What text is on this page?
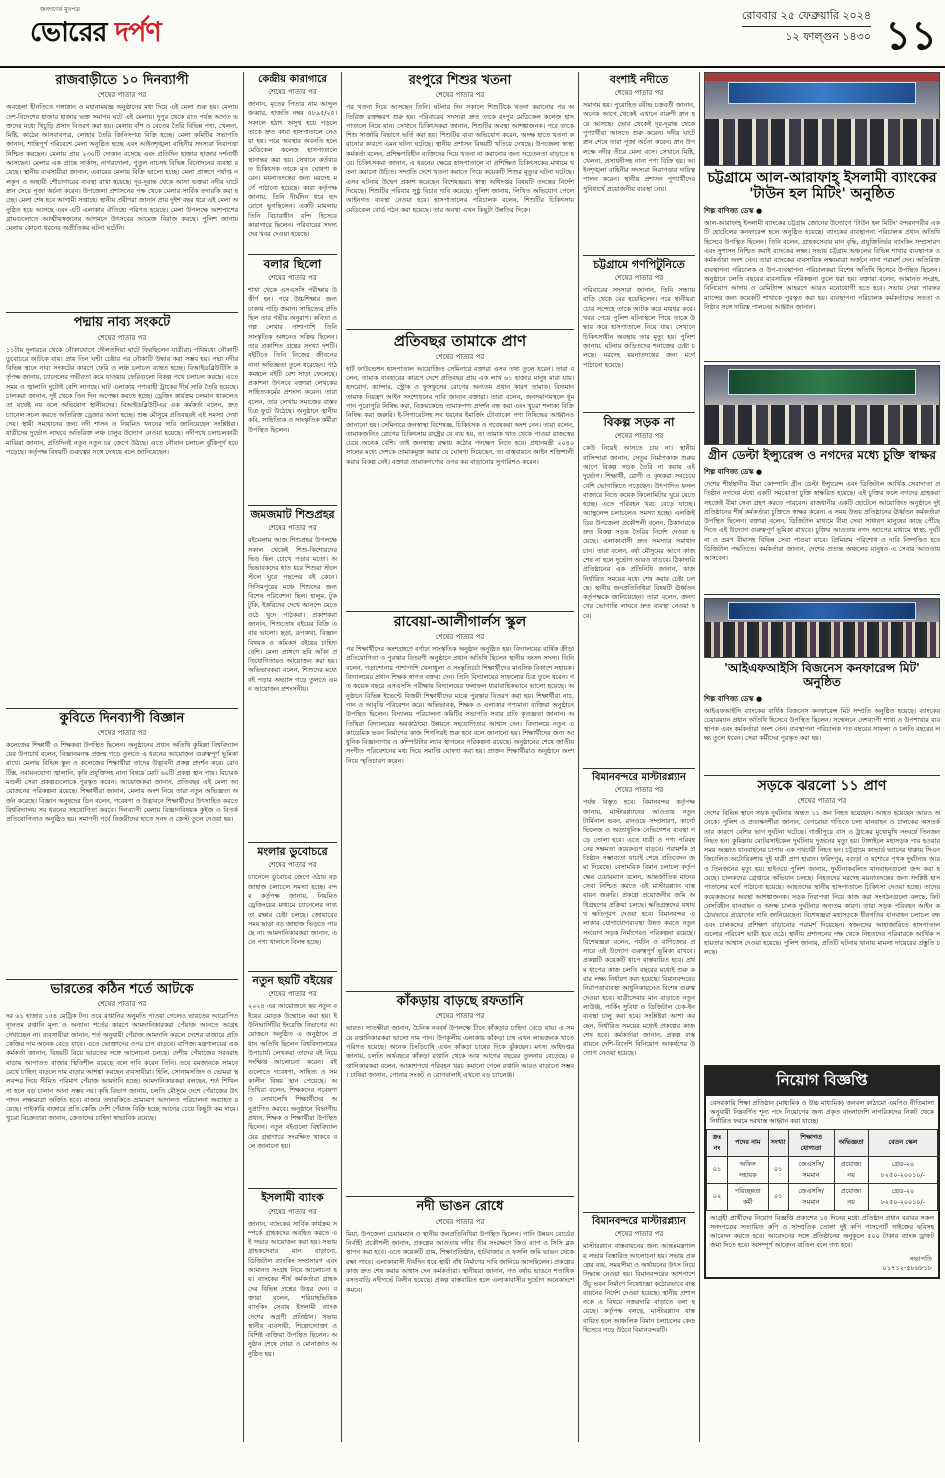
জনগণের মুখপত্র
ভোরের দর্পণ
রোববার ২৫ ফেব্রুয়ারি ২০২৪
১২ ফাল্গুন ১৪৩০ ১১
রাজবাড়ীতে ১০ দিনব্যাপী
শেষের পাতার পর
অবহেলা হীনতিতে গঙ্গাস্নান ও মহানামযজ্ঞ অনুষ্ঠানের মধ্য দিয়ে এই মেলা শুরু হয়। মেলায় দেশ-বিদেশের হাজার হাজার ভক্ত সমাগম ঘটে এই মেলায়। দুপুর থেকে রাত পর্যন্ত আগত ভক্তদের মধ্যে খিচুড়ি প্রসাদ বিতরণ করা হয়। মেলায় বাঁশ ও বেতের তৈরি বিভিন্ন পণ্য, খেলনা, মিষ্টি, কাঠের আসবাবপত্র, লোহার তৈরি জিনিসপত্র বিক্রি হচ্ছে। মেলা কমিটির সভাপতি জানান, শান্তিপূর্ণ পরিবেশে মেলা অনুষ্ঠিত হচ্ছে এবং আইনশৃঙ্খলা বাহিনীর সদস্যরা নিরাপত্তা নিশ্চিত করছেন। মেলায় প্রায় ২৩০টি দোকান বসেছে এবং প্রতিদিন হাজার হাজার দর্শনার্থী আসছেন। মেলার এক প্রান্তে সার্কাস, নাগরদোলা, পুতুল নাচসহ বিভিন্ন বিনোদনের ব্যবস্থা রয়েছে। স্থানীয় ব্যবসায়ীরা জানান, এবারের মেলায় বিক্রি ভালো হচ্ছে। মেলা প্রাঙ্গণে পর্যাপ্ত নলকূপ ও অস্থায়ী শৌচাগারের ব্যবস্থা রাখা হয়েছে। দূর-দূরান্ত থেকে আসা ভক্তরা নদীর ঘাটে স্নান সেরে পূজা অর্চনা করেন। উপজেলা প্রশাসনের পক্ষ থেকে মেলার সার্বিক তদারকি করা হচ্ছে। মেলা শেষ হবে আগামী সপ্তাহে। স্থানীয় প্রবীণরা জানান প্রায় দুইশ বছর ধরে এই মেলা অনুষ্ঠিত হয়ে আসছে এবং এটি এলাকার ঐতিহ্যে পরিণত হয়েছে। মেলা উপলক্ষে আশপাশের গ্রামগুলোতে আত্মীয়স্বজনের আগমনে উৎসবের আমেজ বিরাজ করছে। পুলিশ জানায় মেলায় কোনো ধরনের অপ্রীতিকর ঘটনা ঘটেনি।
পদ্মায় নাব্য সংকটে
শেষের পাতার পর
১১টায় দুলারচর থেকে নৌকাযোগে দৌলতদিয়া ঘাটে ফিরছিলেন যাত্রীরা। পথিমধ্যে নৌকাটি ডুবোচরে আটকে যায়। প্রায় তিন ঘণ্টা চেষ্টার পর নৌকাটি উদ্ধার করা সম্ভব হয়। পদ্মা নদীর বিভিন্ন স্থানে নাব্য সংকটের কারণে ফেরি ও লঞ্চ চলাচল ব্যাহত হচ্ছে। বিআইডব্লিউটিসি কর্তৃপক্ষ জানায়, চ্যানেলের গভীরতা কমে যাওয়ায় ফেরিগুলো বিকল্প পথে চলাচল করছে। এতে সময় ও জ্বালানি দুটোই বেশি লাগছে। ঘাট এলাকায় পণ্যবাহী ট্রাকের দীর্ঘ সারি তৈরি হয়েছে। চালকরা জানান, দুই থেকে তিন দিন অপেক্ষা করতে হচ্ছে। ড্রেজিং কার্যক্রম চলমান থাকলেও তা যথেষ্ট নয় বলে অভিযোগ স্থানীয়দের। বিআইডব্লিউটিএর এক কর্মকর্তা বলেন, দ্রুত চ্যানেল সচল করতে অতিরিক্ত ড্রেজার আনা হচ্ছে। শুষ্ক মৌসুমে প্রতিবছরই এই সমস্যা দেখা দেয়। স্থায়ী সমাধানের জন্য নদী শাসন ও নিয়মিত খননের দাবি জানিয়েছেন সংশ্লিষ্টরা। যাত্রীদের দুর্ভোগ লাঘবে অতিরিক্ত লঞ্চ চালুর উদ্যোগ নেওয়া হয়েছে। নদীপথে চলাচলকারী মাঝিরা জানান, প্রতিদিনই নতুন নতুন চর জেগে উঠছে। এতে নৌযান চলাচল ঝুঁকিপূর্ণ হয়ে পড়েছে। কর্তৃপক্ষ বিষয়টি গুরুত্বের সঙ্গে দেখছে বলে জানিয়েছেন।
কুবিতে দিনব্যাপী বিজ্ঞান
শেষের পাতার পর
কলেজের শিক্ষার্থী ও শিক্ষকরা উপস্থিত ছিলেন। অনুষ্ঠানের প্রধান অতিথি কুমিল্লা বিশ্ববিদ্যালয়ের উপাচার্য বলেন, বিজ্ঞানমনস্ক প্রজন্ম গড়ে তুলতে এ ধরনের আয়োজন গুরুত্বপূর্ণ ভূমিকা রাখে। মেলায় বিভিন্ন স্কুল ও কলেজের শিক্ষার্থীরা তাদের উদ্ভাবনী প্রকল্প প্রদর্শন করে। রোবটিক্স, নবায়নযোগ্য জ্বালানি, কৃষি প্রযুক্তিসহ নানা বিষয়ে মোট ৬০টি প্রকল্প স্থান পায়। বিচারকমণ্ডলী সেরা প্রকল্পগুলোকে পুরস্কৃত করেন। আয়োজকরা জানান, প্রতিবছর এই মেলা আয়োজনের পরিকল্পনা রয়েছে। শিক্ষার্থীরা জানান, মেলায় অংশ নিয়ে তারা নতুন অভিজ্ঞতা অর্জন করেছে। বিজ্ঞান অনুষদের ডিন বলেন, গবেষণা ও উদ্ভাবনে শিক্ষার্থীদের উৎসাহিত করতে বিশ্ববিদ্যালয় সব ধরনের সহযোগিতা করবে। দিনব্যাপী মেলায় বিজ্ঞানবিষয়ক কুইজ ও বিতর্ক প্রতিযোগিতাও অনুষ্ঠিত হয়। সমাপনী পর্বে বিজয়ীদের হাতে সনদ ও ক্রেস্ট তুলে দেওয়া হয়।
ভারতের কঠিন শর্তে আটকে
শেষের পাতার পর
দর ৬১ হাজার ১৫৪ মেট্রিক টন। তবে রপ্তানির অনুমতি পাওয়া গেলেও ভারতের আরোপিত ন্যূনতম রপ্তানি মূল্য ও অন্যান্য শর্তের কারণে আমদানিকারকরা পেঁয়াজ আনতে আগ্রহ দেখাচ্ছেন না। ব্যবসায়ীরা জানান, শর্ত অনুযায়ী পেঁয়াজ আমদানি করলে দেশের বাজারে প্রতি কেজির দাম অনেক বেড়ে যাবে। এতে ভোক্তাদের ওপর চাপ বাড়বে। বাণিজ্য মন্ত্রণালয়ের এক কর্মকর্তা জানান, বিষয়টি নিয়ে ভারতের সঙ্গে আলোচনা চলছে। দেশীয় পেঁয়াজের সরবরাহ বাড়ায় আপাতত বাজার স্থিতিশীল রয়েছে বলে দাবি করেন তিনি। তবে রমজানকে সামনে রেখে চাহিদা বাড়লে দাম বাড়ার আশঙ্কা করছেন ব্যবসায়ীরা। হিলি, সোনামসজিদ ও ভোমরা স্থলবন্দর দিয়ে সীমিত পরিমাণ পেঁয়াজ আমদানি হচ্ছে। আমদানিকারকরা বলছেন, শর্ত শিথিল না হলে বড় চালান আনা সম্ভব নয়। কৃষি বিভাগ জানায়, চলতি মৌসুমে দেশে পেঁয়াজের উৎপাদন লক্ষ্যমাত্রা অর্জিত হবে। বাজার তদারকিতে ভ্রাম্যমাণ আদালত পরিচালনা অব্যাহত রয়েছে। পাইকারি বাজারে প্রতি কেজি দেশি পেঁয়াজ বিক্রি হচ্ছে আগের চেয়ে কিছুটা কম দামে। খুচরা বিক্রেতারা জানান, ক্রেতাদের চাহিদা স্বাভাবিক রয়েছে।
কেন্দ্রীয় কারাগারে
শেষের পাতার পর
জানান, মৃতের পিতার নাম আব্দুল জব্বার, হাজতি নম্বর ৫৮৯৫/২৫। সকালে হঠাৎ অসুস্থ হয়ে পড়লে তাকে দ্রুত কারা হাসপাতালে নেওয়া হয়। পরে অবস্থার অবনতি হলে মেডিকেল কলেজ হাসপাতালে স্থানান্তর করা হয়। সেখানে কর্তব্যরত চিকিৎসক তাকে মৃত ঘোষণা করেন। ময়নাতদন্তের জন্য মরদেহ মর্গে পাঠানো হয়েছে। কারা কর্তৃপক্ষ জানায়, তিনি দীর্ঘদিন ধরে হৃদরোগে ভুগছিলেন। একটি মামলায় তিনি বিচারাধীন বন্দি হিসেবে কারাগারে ছিলেন। পরিবারের সদস্যদের খবর দেওয়া হয়েছে।
বলার ছিলো
শেষের পাতার পর
শাখা থেকে এসএসসি পরীক্ষায় উত্তীর্ণ হন। পরে উচ্চশিক্ষার জন্য ঢাকায় পাড়ি জমান। সাহিত্যের প্রতি ছিল তার গভীর অনুরাগ। কবিতা ও গল্প লেখার পাশাপাশি তিনি সাংস্কৃতিক অঙ্গনেও সক্রিয় ছিলেন। তার প্রকাশিত গ্রন্থের সংখ্যা দশটি। বইটিতে তিনি নিজের জীবনের নানা অভিজ্ঞতা তুলে ধরেছেন। পাঠকমহলে বইটি বেশ সাড়া ফেলেছে। প্রকাশনা উৎসবে বক্তারা লেখকের সাহিত্যকর্মের প্রশংসা করেন। তারা বলেন, তার লেখায় সমাজের বাস্তব চিত্র ফুটে উঠেছে। অনুষ্ঠানে স্থানীয় কবি, সাহিত্যিক ও সাংস্কৃতিক কর্মীরা উপস্থিত ছিলেন।
জমজমাট শিশুপ্রহর
শেষের পাতার পর
বইমেলায় আজ শিশুপ্রহর উপলক্ষে সকাল থেকেই শিশু-কিশোরদের ভিড় ছিল চোখে পড়ার মতো। অভিভাবকদের হাত ধরে শিশুরা স্টলে স্টলে ঘুরে পছন্দের বই কেনে। সিসিমপুরের মঞ্চে শিশুদের জন্য বিশেষ পরিবেশনা ছিল। হালুম, টুকটুকি, ইকরিদের দেখে আনন্দে মেতে ওঠে খুদে পাঠকরা। প্রকাশকরা জানান, শিশুতোষ বইয়ের বিক্রি এবার ভালো। ছড়া, রূপকথা, বিজ্ঞানবিষয়ক ও কমিকস বইয়ের চাহিদা বেশি। মেলা প্রাঙ্গণে ছবি আঁকা প্রতিযোগিতারও আয়োজন করা হয়। অভিভাবকরা বলেন, শিশুদের মধ্যে বই পড়ার অভ্যাস গড়ে তুলতে এমন আয়োজন প্রশংসনীয়।
মংলার ডুবোচরে
শেষের পাতার পর
চ্যানেলে ডুবোচর জেগে ওঠায় বড় জাহাজ চলাচলে সমস্যা হচ্ছে। বন্দর কর্তৃপক্ষ জানায়, নিয়মিত ড্রেজিংয়ের মাধ্যমে চ্যানেলের নাব্যতা রক্ষার চেষ্টা চলছে। জোয়ারের সময় ছাড়া বড় জাহাজ ভিড়তে পারছে না। আমদানিকারকরা জানান, এতে পণ্য খালাসে বিলম্ব হচ্ছে।
নতুন ছয়টি বইয়ের
শেষের পাতার পর
২০২৪ এর আয়োজনে ছয় নতুন বইয়ের মোড়ক উন্মোচন করা হয়। ইউনিভার্সিটির ইংরেজি বিভাগের আয়োজনে অনুষ্ঠিত এ অনুষ্ঠানে প্রধান অতিথি ছিলেন বিশ্ববিদ্যালয়ের উপাচার্য। লেখকরা তাদের বই নিয়ে সংক্ষিপ্ত আলোচনা করেন। বইগুলোতে গবেষণা, সাহিত্য ও সমকালীন বিষয় স্থান পেয়েছে। অতিথিরা বলেন, শিক্ষকদের গবেষণা ও লেখালেখি শিক্ষার্থীদের অনুপ্রাণিত করবে। অনুষ্ঠানে বিভাগীয় প্রধান, শিক্ষক ও শিক্ষার্থীরা উপস্থিত ছিলেন। নতুন বইগুলো বিশ্ববিদ্যালয়ের গ্রন্থাগারে সংরক্ষিত থাকবে বলে জানানো হয়।
ইসলামী ব্যাংক
শেষের পাতার পর
জানান, ব্যাংকের সার্বিক কার্যক্রম সম্পর্কে গ্রাহকদের অবহিত করতে এই সভার আয়োজন করা হয়। সভায় গ্রাহকসেবার মান বাড়ানো, ডিজিটাল ব্যাংকিং সম্প্রসারণ এবং আমানত সংগ্রহ নিয়ে আলোচনা হয়। ব্যাংকের শীর্ষ কর্মকর্তারা গ্রাহকদের বিভিন্ন প্রশ্নের উত্তর দেন। বক্তারা বলেন, শরিয়াহভিত্তিক ব্যাংকিং সেবায় ইসলামী ব্যাংক দেশের অগ্রণী প্রতিষ্ঠান। সভায় স্থানীয় ব্যবসায়ী, শিল্পোদ্যোক্তা ও বিশিষ্ট ব্যক্তিরা উপস্থিত ছিলেন। অনুষ্ঠান শেষে দোয়া ও মোনাজাত অনুষ্ঠিত হয়।
রংপুরে শিশুর খতনা
শেষের পাতার পর
পর খতনা দিয়ে আসছেন তিনি। ঘটনার দিন সকালে শিশুটিকে খতনা করানোর পর অতিরিক্ত রক্তক্ষরণ শুরু হয়। পরিবারের সদস্যরা দ্রুত তাকে রংপুর মেডিকেল কলেজ হাসপাতালে নিয়ে যান। সেখানে চিকিৎসকরা জানান, শিশুটির অবস্থা আশঙ্কাজনক। পরে তাকে শিশু সার্জারি বিভাগে ভর্তি করা হয়। শিশুটির বাবা অভিযোগ করেন, অদক্ষ হাতে খতনা করানোর কারণে এমন ঘটনা ঘটেছে। স্থানীয় প্রশাসন বিষয়টি খতিয়ে দেখছে। উপজেলা স্বাস্থ্য কর্মকর্তা বলেন, প্রশিক্ষণবিহীন ব্যক্তিদের দিয়ে খতনা না করানোর জন্য সচেতনতা বাড়াতে হবে। চিকিৎসকরা জানান, এ ধরনের ক্ষেত্রে হাসপাতালে বা প্রশিক্ষিত চিকিৎসকের মাধ্যমে খতনা করানো উচিত। সম্প্রতি দেশে খতনা করাতে গিয়ে কয়েকটি শিশুর মৃত্যুর ঘটনা ঘটেছে। এসব ঘটনায় উদ্বেগ প্রকাশ করেছেন বিশেষজ্ঞরা। স্বাস্থ্য অধিদপ্তর বিষয়টি তদন্তের নির্দেশ দিয়েছে। শিশুটির পরিবার সুষ্ঠু বিচার দাবি করেছে। পুলিশ জানায়, লিখিত অভিযোগ পেলে আইনগত ব্যবস্থা নেওয়া হবে। হাসপাতালের পরিচালক বলেন, শিশুটির চিকিৎসায় মেডিকেল বোর্ড গঠন করা হয়েছে। তার অবস্থা এখন কিছুটা উন্নতির দিকে।
প্রতিবছর তামাকে প্রাণ
শেষের পাতার পর
হার্ট ফাউন্ডেশন হাসপাতাল আয়োজিত সেমিনারে বক্তারা এসব তথ্য তুলে ধরেন। তারা বলেন, তামাক ব্যবহারের কারণে দেশে প্রতিবছর প্রায় এক লাখ ৬১ হাজার মানুষ মারা যায়। হৃদরোগ, ক্যান্সার, স্ট্রোক ও ফুসফুসের রোগের অন্যতম প্রধান কারণ তামাক। বিদ্যমান তামাক নিয়ন্ত্রণ আইন সংশোধনের দাবি জানান বক্তারা। তারা বলেন, জনসমাগমস্থলে ধূমপান পুরোপুরি নিষিদ্ধ করা, বিক্রয়কেন্দ্রে তামাকপণ্য প্রদর্শন বন্ধ করা এবং খুচরা শলাকা বিক্রি নিষিদ্ধ করা জরুরি। ই-সিগারেটসহ সব ধরনের ইমার্জিং টোব্যাকো পণ্য নিষিদ্ধের আহ্বানও জানানো হয়। সেমিনারে জনস্বাস্থ্য বিশেষজ্ঞ, চিকিৎসক ও গবেষকরা অংশ নেন। তারা বলেন, তামাকজনিত রোগের চিকিৎসায় রাষ্ট্রের যে ব্যয় হয়, তা তামাক খাত থেকে পাওয়া রাজস্বের চেয়ে অনেক বেশি। তাই জনস্বাস্থ্য রক্ষায় কঠোর পদক্ষেপ নিতে হবে। প্রধানমন্ত্রী ২০৪০ সালের মধ্যে দেশকে তামাকমুক্ত করার যে ঘোষণা দিয়েছেন, তা বাস্তবায়নে আইন শক্তিশালী করার বিকল্প নেই। বক্তারা তামাকপণ্যের ওপর কর বাড়ানোর সুপারিশও করেন।
রাবেয়া-আলীগার্লস স্কুল
শেষের পাতার পর
পর শিক্ষার্থীদের অংশগ্রহণে বর্ণাঢ্য সাংস্কৃতিক অনুষ্ঠান অনুষ্ঠিত হয়। বিদ্যালয়ের বার্ষিক ক্রীড়া প্রতিযোগিতা ও পুরস্কার বিতরণী অনুষ্ঠানে প্রধান অতিথি ছিলেন স্থানীয় সংসদ সদস্য। তিনি বলেন, পড়াশোনার পাশাপাশি খেলাধুলা ও সংস্কৃতিচর্চা শিক্ষার্থীদের মানসিক বিকাশে সহায়ক। বিদ্যালয়ের প্রধান শিক্ষক স্বাগত বক্তব্য দেন। তিনি বিদ্যালয়ের সাফল্যের চিত্র তুলে ধরেন। গত কয়েক বছরে এসএসসি পরীক্ষায় বিদ্যালয়ের ফলাফল ধারাবাহিকভাবে ভালো হয়েছে। অনুষ্ঠানে বিভিন্ন ইভেন্টে বিজয়ী শিক্ষার্থীদের মাঝে পুরস্কার বিতরণ করা হয়। শিক্ষার্থীরা নাচ, গান ও আবৃত্তি পরিবেশন করে। অভিভাবক, শিক্ষক ও এলাকার গণ্যমান্য ব্যক্তিরা অনুষ্ঠানে উপস্থিত ছিলেন। বিদ্যালয় পরিচালনা কমিটির সভাপতি সবার প্রতি কৃতজ্ঞতা জানান। অতিথিরা বিদ্যালয়ের অবকাঠামো উন্নয়নে সহযোগিতার আশ্বাস দেন। বিদ্যালয়ে নতুন একাডেমিক ভবন নির্মাণের কাজ শিগগিরই শুরু হবে বলে জানানো হয়। শিক্ষার্থীদের জন্য আধুনিক বিজ্ঞানাগার ও কম্পিউটার ল্যাব স্থাপনের পরিকল্পনা রয়েছে। অনুষ্ঠানের শেষে জাতীয় সংগীত পরিবেশনের মধ্য দিয়ে সমাপ্তি ঘোষণা করা হয়। প্রাক্তন শিক্ষার্থীরাও অনুষ্ঠানে অংশ নিয়ে স্মৃতিচারণ করেন।
কাঁকড়ায় বাড়ছে রফতানি
শেষের পাতার পর
ভারত। সাতক্ষীরা জানান, চৈনিক নববর্ষ উপলক্ষে চীনে কাঁকড়ার চাহিদা বেড়ে যায়। এ সময়ে রপ্তানিকারকরা ভালো দাম পান। উপকূলীয় এলাকায় কাঁকড়া চাষ এখন লাভজনক খাতে পরিণত হয়েছে। অনেক চিংড়িচাষি এখন কাঁকড়া চাষের দিকে ঝুঁকছেন। মৎস্য অধিদপ্তর জানায়, চলতি অর্থবছরে কাঁকড়া রপ্তানি থেকে আয় আগের বছরের তুলনায় বেড়েছে। রপ্তানিকারকরা বলেন, আকাশপথে পরিবহন খরচ কমানো গেলে রপ্তানি আরও বাড়ানো সম্ভব। চাষিরা জানান, পোনার সংকট ও রোগবালাই এখনো বড় চ্যালেঞ্জ।
নদী ভাঙন রোধে
শেষের পাতার পর
মিয়া, উপজেলা চেয়ারম্যান ও স্থানীয় জনপ্রতিনিধিরা উপস্থিত ছিলেন। পানি উন্নয়ন বোর্ডের নির্বাহী প্রকৌশলী জানান, প্রকল্পের আওতায় নদীর তীর সংরক্ষণে জিও ব্যাগ ও সিসি ব্লক স্থাপন করা হবে। এতে কয়েকটি গ্রাম, শিক্ষাপ্রতিষ্ঠান, হাটবাজার ও ফসলি জমি ভাঙন থেকে রক্ষা পাবে। এলাকাবাসী দীর্ঘদিন ধরে স্থায়ী বাঁধ নির্মাণের দাবি জানিয়ে আসছিলেন। প্রকল্পের কাজ দ্রুত শেষ করার আশ্বাস দেন কর্মকর্তারা। স্থানীয়রা জানান, গত বর্ষায় ভাঙনে শতাধিক বসতবাড়ি নদীগর্ভে বিলীন হয়েছে। প্রকল্প বাস্তবায়িত হলে এলাকাবাসীর দুর্ভোগ অনেকাংশে কমবে।
বংশাই নদীতে
শেষের পাতার পর
সমাগম হয়। পুরোহিত রবীন্দ্র চক্রবর্তী জানান, অনেক আগে থেকেই এখানে বারুণী স্নান হয়ে আসছে। ভোর থেকেই দূর-দূরান্ত থেকে পুণ্যার্থীরা আসতে শুরু করেন। নদীর ঘাটে স্নান শেষে তারা পূজা অর্চনা করেন। স্নান উপলক্ষে নদীর তীরে মেলা বসে। সেখানে মিষ্টি, খেলনা, প্রসাধনীসহ নানা পণ্য বিক্রি হয়। আইনশৃঙ্খলা বাহিনীর সদস্যরা নিরাপত্তার দায়িত্ব পালন করেন। স্থানীয় প্রশাসন পুণ্যার্থীদের সুবিধার্থে প্রয়োজনীয় ব্যবস্থা নেয়।
চট্টগ্রামে গণপিটুনিতে
শেষের পাতার পর
পরিবারের সদস্যরা জানান, তিনি সন্ধ্যায় বাড়ি থেকে বের হয়েছিলেন। পরে স্থানীয়রা চোর সন্দেহে তাকে আটক করে মারধর করে। খবর পেয়ে পুলিশ ঘটনাস্থলে গিয়ে তাকে উদ্ধার করে হাসপাতালে নিয়ে যায়। সেখানে চিকিৎসাধীন অবস্থায় তার মৃত্যু হয়। পুলিশ জানায়, ঘটনায় জড়িতদের শনাক্তের চেষ্টা চলছে। মরদেহ ময়নাতদন্তের জন্য মর্গে পাঠানো হয়েছে।
বিকল্প সড়ক না
শেষের পাতার পর
কেউ নিয়েই আসতে চায় না। স্থানীয় বাসিন্দারা জানান, সেতুর নির্মাণকাজ শুরুর আগে বিকল্প সড়ক তৈরি না করায় এই দুর্ভোগ। শিক্ষার্থী, রোগী ও কৃষকরা সবচেয়ে বেশি ভোগান্তিতে পড়েছেন। উৎপাদিত ফসল বাজারে নিতে কয়েক কিলোমিটার ঘুরে যেতে হচ্ছে। এতে পরিবহন খরচ বেড়ে যাচ্ছে। অ্যাম্বুলেন্স চলাচলেও সমস্যা হচ্ছে। এলজিইডির উপজেলা প্রকৌশলী বলেন, ঠিকাদারকে দ্রুত বিকল্প সড়ক তৈরির নির্দেশ দেওয়া হয়েছে। এলাকাবাসী দ্রুত সমস্যার সমাধান চান। তারা বলেন, বর্ষা মৌসুমের আগে কাজ শেষ না হলে দুর্ভোগ আরও বাড়বে। ঠিকাদারি প্রতিষ্ঠানের এক প্রতিনিধি জানান, কাজ নির্ধারিত সময়ের মধ্যে শেষ করার চেষ্টা চলছে। স্থানীয় জনপ্রতিনিধিরা বিষয়টি ঊর্ধ্বতন কর্তৃপক্ষকে জানিয়েছেন। তারা বলেন, জনগণের ভোগান্তি লাঘবে দ্রুত ব্যবস্থা নেওয়া হবে।
বিমানবন্দরে মাস্টারপ্ল্যান
শেষের পাতার পর
পর্যন্ত বিস্তৃত হবে। বিমানবন্দর কর্তৃপক্ষ জানায়, মাস্টারপ্ল্যানের আওতায় নতুন টার্মিনাল ভবন, রানওয়ে সম্প্রসারণ, কার্গো ভিলেজ ও অত্যাধুনিক নেভিগেশন ব্যবস্থা গড়ে তোলা হবে। এতে যাত্রী ও পণ্য পরিবহনের সক্ষমতা কয়েকগুণ বাড়বে। পরামর্শক প্রতিষ্ঠান সম্ভাব্যতা যাচাই শেষে প্রতিবেদন জমা দিয়েছে। বেসামরিক বিমান চলাচল কর্তৃপক্ষের চেয়ারম্যান বলেন, আন্তর্জাতিক মানের সেবা নিশ্চিত করতে এই মাস্টারপ্ল্যান বাস্তবায়ন জরুরি। প্রকল্পে প্রয়োজনীয় জমি অধিগ্রহণের প্রক্রিয়া চলছে। ক্ষতিগ্রস্তদের যথাযথ ক্ষতিপূরণ দেওয়া হবে। বিমানবন্দর এলাকার যোগাযোগব্যবস্থা উন্নত করতে নতুন সংযোগ সড়ক নির্মাণেরও পরিকল্পনা রয়েছে। বিশেষজ্ঞরা বলেন, পর্যটন ও বাণিজ্যের প্রসারে এই উদ্যোগ গুরুত্বপূর্ণ ভূমিকা রাখবে। প্রকল্পটি কয়েকটি ধাপে বাস্তবায়িত হবে। প্রথম ধাপের কাজ চলতি বছরের মধ্যেই শুরু করার লক্ষ্য নির্ধারণ করা হয়েছে। বিমানবন্দরের নিরাপত্তাব্যবস্থা আধুনিকায়নেও বিশেষ গুরুত্ব দেওয়া হবে। যাত্রীসেবার মান বাড়াতে নতুন লাউঞ্জ, পার্কিং সুবিধা ও ডিজিটাল চেক-ইন ব্যবস্থা চালু করা হবে। সংশ্লিষ্টরা আশা করছেন, নির্ধারিত সময়ের মধ্যেই প্রকল্পের কাজ শেষ হবে। কর্মকর্তারা জানান, প্রকল্প বাস্তবায়নে দেশি-বিদেশি বিনিয়োগ আকর্ষণের উদ্যোগ নেওয়া হয়েছে।
বিমানবন্দরে মাস্টারপ্ল্যান
শেষের পাতার পর
মাস্টারপ্ল্যান বাস্তবায়নের জন্য আন্তঃমন্ত্রণালয় সভায় বিস্তারিত আলোচনা হয়। সভায় প্রকল্পের ব্যয়, সময়সীমা ও অর্থায়নের উৎস নিয়ে সিদ্ধান্ত নেওয়া হয়। বিমানবন্দরের আশপাশে উঁচু ভবন নির্মাণে নিষেধাজ্ঞা কঠোরভাবে বাস্তবায়নের নির্দেশ দেওয়া হয়েছে। স্থানীয় প্রশাসনকে এ বিষয়ে নজরদারি বাড়াতে বলা হয়েছে। কর্তৃপক্ষ বলছে, মাস্টারপ্ল্যান বাস্তবায়িত হলে আঞ্চলিক বিমান চলাচলের কেন্দ্র হিসেবে গড়ে উঠবে বিমানবন্দরটি।
চট্টগ্রামে আল-আরাফাহ্ ইসলামী ব্যাংকের 'টাউন হল মিটিং' অনুষ্ঠিত
শিল্প বাণিজ্য ডেস্ক ●
আল-আরাফাহ্ ইসলামী ব্যাংকের চট্টগ্রাম জোনের উদ্যোগে 'টাউন হল মিটিং' বন্দরনগরীর একটি হোটেলের কনফারেন্স হলে অনুষ্ঠিত হয়েছে। ব্যাংকের ব্যবস্থাপনা পরিচালক প্রধান অতিথি হিসেবে উপস্থিত ছিলেন। তিনি বলেন, গ্রাহকসেবার মান বৃদ্ধি, প্রযুক্তিনির্ভর ব্যাংকিং সম্প্রসারণ এবং সুশাসন নিশ্চিত করাই ব্যাংকের লক্ষ্য। সভায় চট্টগ্রাম অঞ্চলের বিভিন্ন শাখার ব্যবস্থাপক ও কর্মকর্তারা অংশ নেন। তারা ব্যাংকের ব্যবসায়িক লক্ষ্যমাত্রা অর্জনে নানা পরামর্শ দেন। অতিরিক্ত ব্যবস্থাপনা পরিচালক ও উপ-ব্যবস্থাপনা পরিচালকরা বিশেষ অতিথি হিসেবে উপস্থিত ছিলেন। অনুষ্ঠানে চলতি বছরের ব্যবসায়িক পরিকল্পনা তুলে ধরা হয়। বক্তারা বলেন, আমানত সংগ্রহ, বিনিয়োগ আদায় ও রেমিট্যান্স আহরণে আরও মনোযোগী হতে হবে। সভায় সেরা পারফরম্যান্সের জন্য কয়েকটি শাখাকে পুরস্কৃত করা হয়। ব্যবস্থাপনা পরিচালক কর্মকর্তাদের সততা ও নিষ্ঠার সঙ্গে দায়িত্ব পালনের আহ্বান জানান।
গ্রীন ডেল্টা ইন্স্যুরেন্স ও নগদের মধ্যে চুক্তি স্বাক্ষর
শিল্প বাণিজ্য ডেস্ক ●
দেশের শীর্ষস্থানীয় বীমা কোম্পানি গ্রীন ডেল্টা ইন্স্যুরেন্স এবং ডিজিটাল আর্থিক সেবাদাতা প্রতিষ্ঠান নগদের মধ্যে একটি সমঝোতা চুক্তি স্বাক্ষরিত হয়েছে। এই চুক্তির ফলে নগদের গ্রাহকরা সহজেই বীমা সেবা গ্রহণ করতে পারবেন। রাজধানীর একটি হোটেলে আয়োজিত অনুষ্ঠানে দুই প্রতিষ্ঠানের শীর্ষ কর্মকর্তারা চুক্তিতে স্বাক্ষর করেন। এ সময় উভয় প্রতিষ্ঠানের ঊর্ধ্বতন কর্মকর্তারা উপস্থিত ছিলেন। বক্তারা বলেন, ডিজিটাল মাধ্যমে বীমা সেবা সাধারণ মানুষের কাছে পৌঁছে দিতে এই উদ্যোগ গুরুত্বপূর্ণ ভূমিকা রাখবে। চুক্তির আওতায় নগদ অ্যাপের মাধ্যমে স্বাস্থ্য, দুর্ঘটনা ও ভ্রমণ বীমাসহ বিভিন্ন সেবা পাওয়া যাবে। প্রিমিয়াম পরিশোধ ও দাবি নিষ্পত্তিও হবে ডিজিটাল পদ্ধতিতে। কর্মকর্তারা জানান, দেশের প্রত্যন্ত অঞ্চলের মানুষও এ সেবার আওতায় আসবেন।
'আইএফআইসি বিজনেস কনফারেন্স মিট' অনুষ্ঠিত
শিল্প বাণিজ্য ডেস্ক ●
আইএফআইসি ব্যাংকের বার্ষিক বিজনেস কনফারেন্স মিট সম্প্রতি অনুষ্ঠিত হয়েছে। ব্যাংকের চেয়ারম্যান প্রধান অতিথি হিসেবে উপস্থিত ছিলেন। সম্মেলনে দেশব্যাপী শাখা ও উপশাখার ব্যবস্থাপক এবং কর্মকর্তারা অংশ নেন। ব্যবস্থাপনা পরিচালক গত বছরের সাফল্য ও চলতি বছরের লক্ষ্য তুলে ধরেন। সেরা কর্মীদের পুরস্কৃত করা হয়।
সড়কে ঝরলো ১১ প্রাণ
শেষের পাতার পর
দেশের বিভিন্ন স্থানে সড়ক দুর্ঘটনায় অন্তত ১১ জন নিহত হয়েছেন। আহত হয়েছেন আরও অনেকে। পুলিশ ও প্রত্যক্ষদর্শীরা জানান, বেপরোয়া গতিতে চলা যানবাহন ও চালকের অসতর্কতার কারণে বেশির ভাগ দুর্ঘটনা ঘটেছে। গাজীপুরে বাস ও ট্রাকের মুখোমুখি সংঘর্ষে তিনজন নিহত হন। কুমিল্লায় মোটরসাইকেল দুর্ঘটনায় দুজনের মৃত্যু হয়। টাঙ্গাইলে মহাসড়ক পার হওয়ার সময় অজ্ঞাত যানবাহনের চাপায় এক পথচারী নিহত হন। চট্টগ্রামে কাভার্ড ভ্যানের ধাক্কায় সিএনজিচালিত অটোরিকশার দুই যাত্রী প্রাণ হারান। ফরিদপুর, বগুড়া ও যশোরে পৃথক দুর্ঘটনায় আরও তিনজনের মৃত্যু হয়। হাইওয়ে পুলিশ জানায়, দুর্ঘটনাকবলিত যানবাহনগুলো জব্দ করা হয়েছে। চালকদের গ্রেপ্তারে অভিযান চলছে। নিহতদের মরদেহ ময়নাতদন্তের জন্য সংশ্লিষ্ট হাসপাতালের মর্গে পাঠানো হয়েছে। আহতদের স্থানীয় হাসপাতালে চিকিৎসা দেওয়া হচ্ছে। তাদের কয়েকজনের অবস্থা আশঙ্কাজনক। সড়ক নিরাপত্তা নিয়ে কাজ করা সংগঠনগুলো বলছে, ফিটনেসবিহীন যানবাহন ও অদক্ষ চালক দুর্ঘটনার অন্যতম কারণ। তারা সড়ক পরিবহন আইন কঠোরভাবে প্রয়োগের দাবি জানিয়েছেন। বিশেষজ্ঞরা মহাসড়কে ধীরগতির যানবাহন চলাচল বন্ধ এবং চালকদের প্রশিক্ষণ বাড়ানোর পরামর্শ দিয়েছেন। স্বজনদের আহাজারিতে হাসপাতালগুলোর পরিবেশ ভারী হয়ে ওঠে। স্থানীয় প্রশাসনের পক্ষ থেকে নিহতদের পরিবারকে আর্থিক সহায়তার আশ্বাস দেওয়া হয়েছে। পুলিশ জানায়, প্রতিটি ঘটনায় থানায় মামলা দায়েরের প্রস্তুতি চলছে।
নিয়োগ বিজ্ঞপ্তি
বেসরকারি শিক্ষা প্রতিষ্ঠান (মাধ্যমিক ও উচ্চ মাধ্যমিক) জনবল কাঠামো এমপিও নীতিমালা অনুযায়ী নিম্নবর্ণিত শূন্য পদে নিয়োগের জন্য প্রকৃত বাংলাদেশি নাগরিকদের নিকট থেকে নির্ধারিত ফরমে দরখাস্ত আহ্বান করা যাচ্ছে।
ক্রঃ নং	পদের নাম	সংখ্যা	শিক্ষাগত যোগ্যতা	অভিজ্ঞতা	বেতন স্কেল
০১	অফিস সহায়ক	০১	জেএসসি/সমমান	প্রযোজ্য নয়	গ্রেড-২০ ৮২৫০-২০০১০/-
০২	পরিচ্ছন্নতা কর্মী	০১	জেএসসি/সমমান	প্রযোজ্য নয়	গ্রেড-২০ ৮২৫০-২০০১০/-
আগ্রহী প্রার্থীদের নিয়োগ বিজ্ঞপ্তি প্রকাশের ১৫ দিনের মধ্যে প্রতিষ্ঠান প্রধান বরাবর সকল সনদপত্রের সত্যায়িত কপি ও সাম্প্রতিক তোলা দুই কপি পাসপোর্ট সাইজের ছবিসহ আবেদন করতে হবে। আবেদনের সঙ্গে প্রতিষ্ঠানের অনুকূলে ৫০০ টাকার ব্যাংক ড্রাফট জমা দিতে হবে। অসম্পূর্ণ আবেদন বাতিল বলে গণ্য হবে।
সভাপতি
০১৭১২-৫৮৬৮১৮
